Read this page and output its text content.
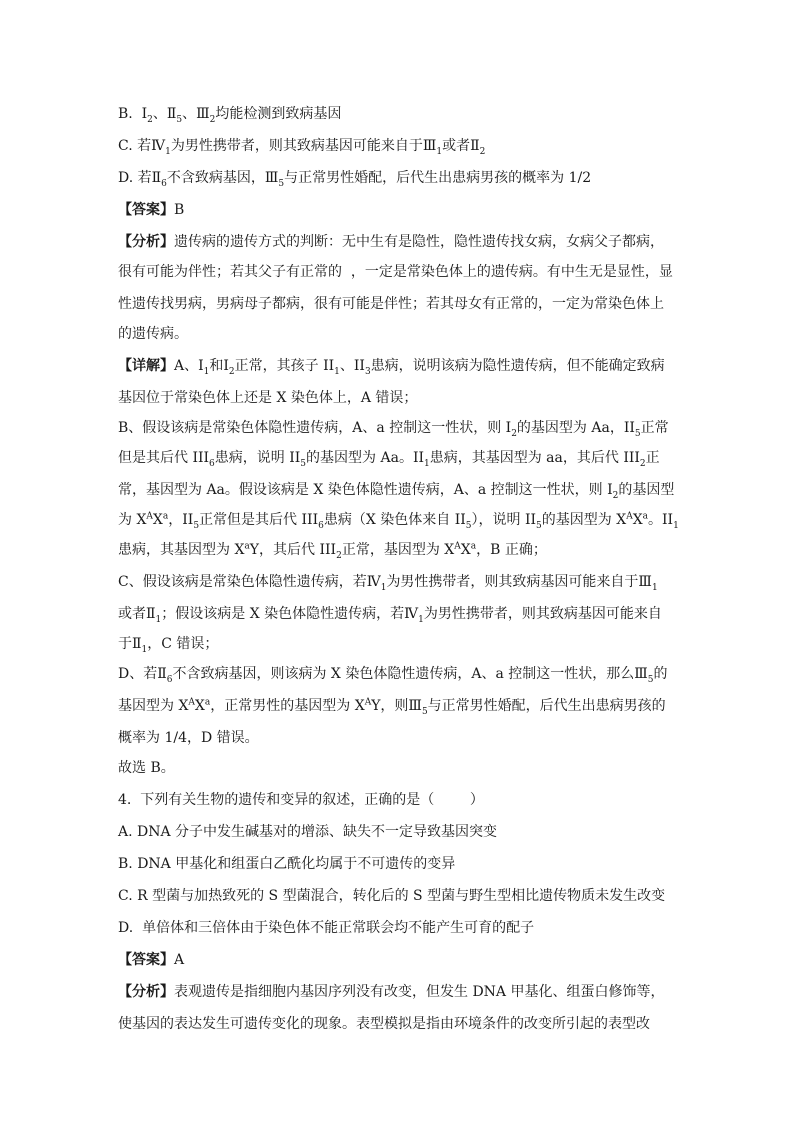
B.  $Ⅰ_2$、$Ⅱ_5$、$Ⅲ_2$均能检测到致病基因
C. 若$Ⅳ_1$为男性携带者，则其致病基因可能来自于$Ⅲ_1$或者$Ⅱ_2$
D. 若$Ⅱ_6$不含致病基因，$Ⅲ_5$与正常男性婚配，后代生出患病男孩的概率为 1/2
【答案】B
【分析】遗传病的遗传方式的判断：无中生有是隐性，隐性遗传找女病，女病父子都病，
很有可能为伴性；若其父子有正常的  ，一定是常染色体上的遗传病。有中生无是显性，显
性遗传找男病，男病母子都病，很有可能是伴性；若其母女有正常的，一定为常染色体上
的遗传病。
【详解】A、$I_1$和$I_2$正常，其孩子 $II_1$、$II_3$患病，说明该病为隐性遗传病，但不能确定致病
基因位于常染色体上还是 X 染色体上，A 错误；
B、假设该病是常染色体隐性遗传病，A、a 控制这一性状，则 $I_2$的基因型为 Aa，$II_5$正常
但是其后代 $III_6$患病，说明 $II_5$的基因型为 Aa。$II_1$患病，其基因型为 aa，其后代 $III_2$正
常，基因型为 Aa。假设该病是 X 染色体隐性遗传病，A、a 控制这一性状，则 $I_2$的基因型
为 $X^AX^a$，$II_5$正常但是其后代 $III_6$患病（X 染色体来自 $II_5$），说明 $II_5$的基因型为 $X^AX^a$。$II_1$
患病，其基因型为 $X^aY$，其后代 $III_2$正常，基因型为 $X^AX^a$，B 正确；
C、假设该病是常染色体隐性遗传病，若$Ⅳ_1$为男性携带者，则其致病基因可能来自于$Ⅲ_1$
或者$Ⅱ_1$；假设该病是 X 染色体隐性遗传病，若$Ⅳ_1$为男性携带者，则其致病基因可能来自
于$Ⅱ_1$，C 错误；
D、若$Ⅱ_6$不含致病基因，则该病为 X 染色体隐性遗传病，A、a 控制这一性状，那么$Ⅲ_5$的
基因型为 $X^AX^a$，正常男性的基因型为 $X^AY$，则$Ⅲ_5$与正常男性婚配，后代生出患病男孩的
概率为 1/4，D 错误。
故选 B。
4.  下列有关生物的遗传和变异的叙述，正确的是（        ）
A. DNA 分子中发生碱基对的增添、缺失不一定导致基因突变
B. DNA 甲基化和组蛋白乙酰化均属于不可遗传的变异
C. R 型菌与加热致死的 S 型菌混合，转化后的 S 型菌与野生型相比遗传物质未发生改变
D.  单倍体和三倍体由于染色体不能正常联会均不能产生可育的配子
【答案】A
【分析】表观遗传是指细胞内基因序列没有改变，但发生 DNA 甲基化、组蛋白修饰等，
使基因的表达发生可遗传变化的现象。表型模拟是指由环境条件的改变所引起的表型改
